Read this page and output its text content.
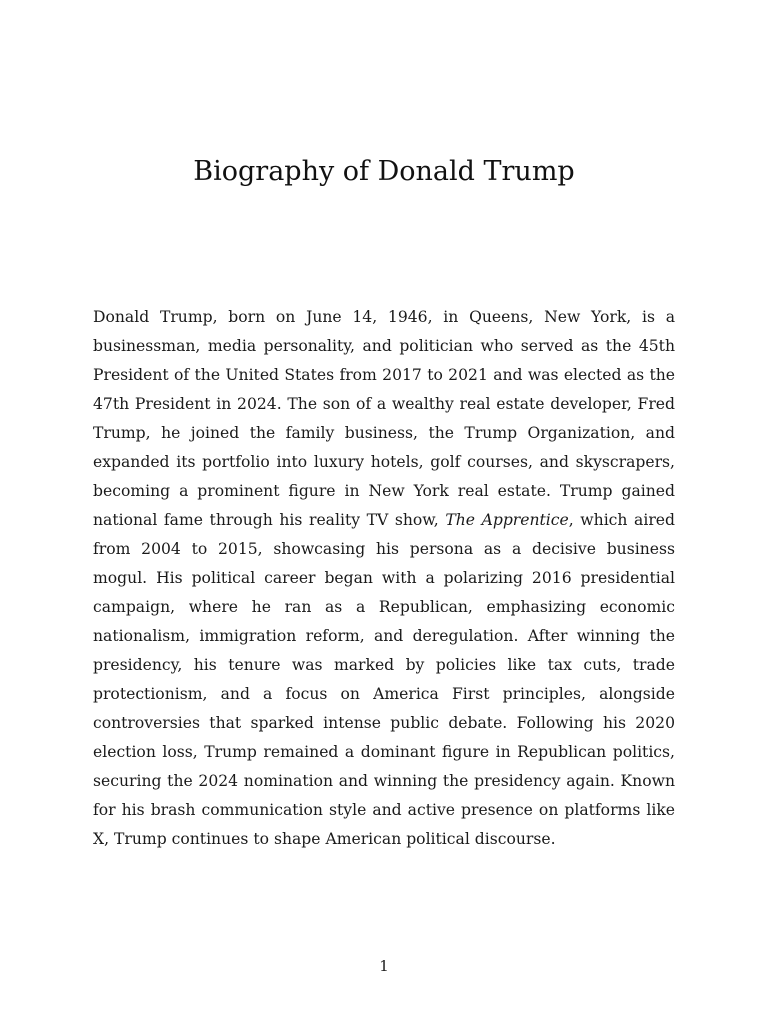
Biography of Donald Trump

Donald Trump, born on June 14, 1946, in Queens, New York, is a businessman, media personality, and politician who served as the 45th President of the United States from 2017 to 2021 and was elected as the 47th President in 2024. The son of a wealthy real estate developer, Fred Trump, he joined the family business, the Trump Organization, and expanded its portfolio into luxury hotels, golf courses, and skyscrapers, becoming a prominent figure in New York real estate. Trump gained national fame through his reality TV show, The Apprentice, which aired from 2004 to 2015, showcasing his persona as a decisive business mogul. His political career began with a polarizing 2016 presidential campaign, where he ran as a Republican, emphasizing economic nationalism, immigration reform, and deregulation. After winning the presidency, his tenure was marked by policies like tax cuts, trade protectionism, and a focus on America First principles, alongside controversies that sparked intense public debate. Following his 2020 election loss, Trump remained a dominant figure in Republican politics, securing the 2024 nomination and winning the presidency again. Known for his brash communication style and active presence on platforms like X, Trump continues to shape American political discourse.

1
